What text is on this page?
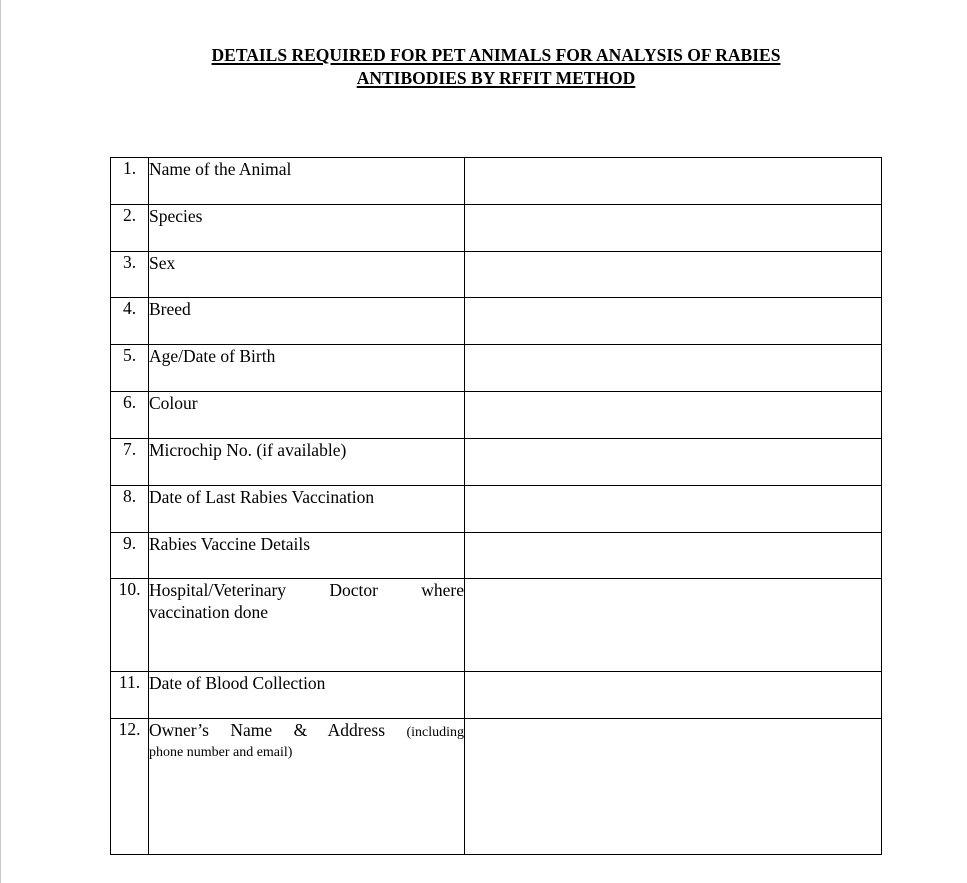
DETAILS REQUIRED FOR PET ANIMALS FOR ANALYSIS OF RABIES
ANTIBODIES BY RFFIT METHOD
1.	Name of the Animal	
2.	Species	
3.	Sex	
4.	Breed	
5.	Age/Date of Birth	
6.	Colour	
7.	Microchip No. (if available)	
8.	Date of Last Rabies Vaccination	
9.	Rabies Vaccine Details	
10.	Hospital/Veterinary Doctor where
vaccination done	
11.	Date of Blood Collection	
12.	Owner’s Name & Address (including
phone number and email)	
